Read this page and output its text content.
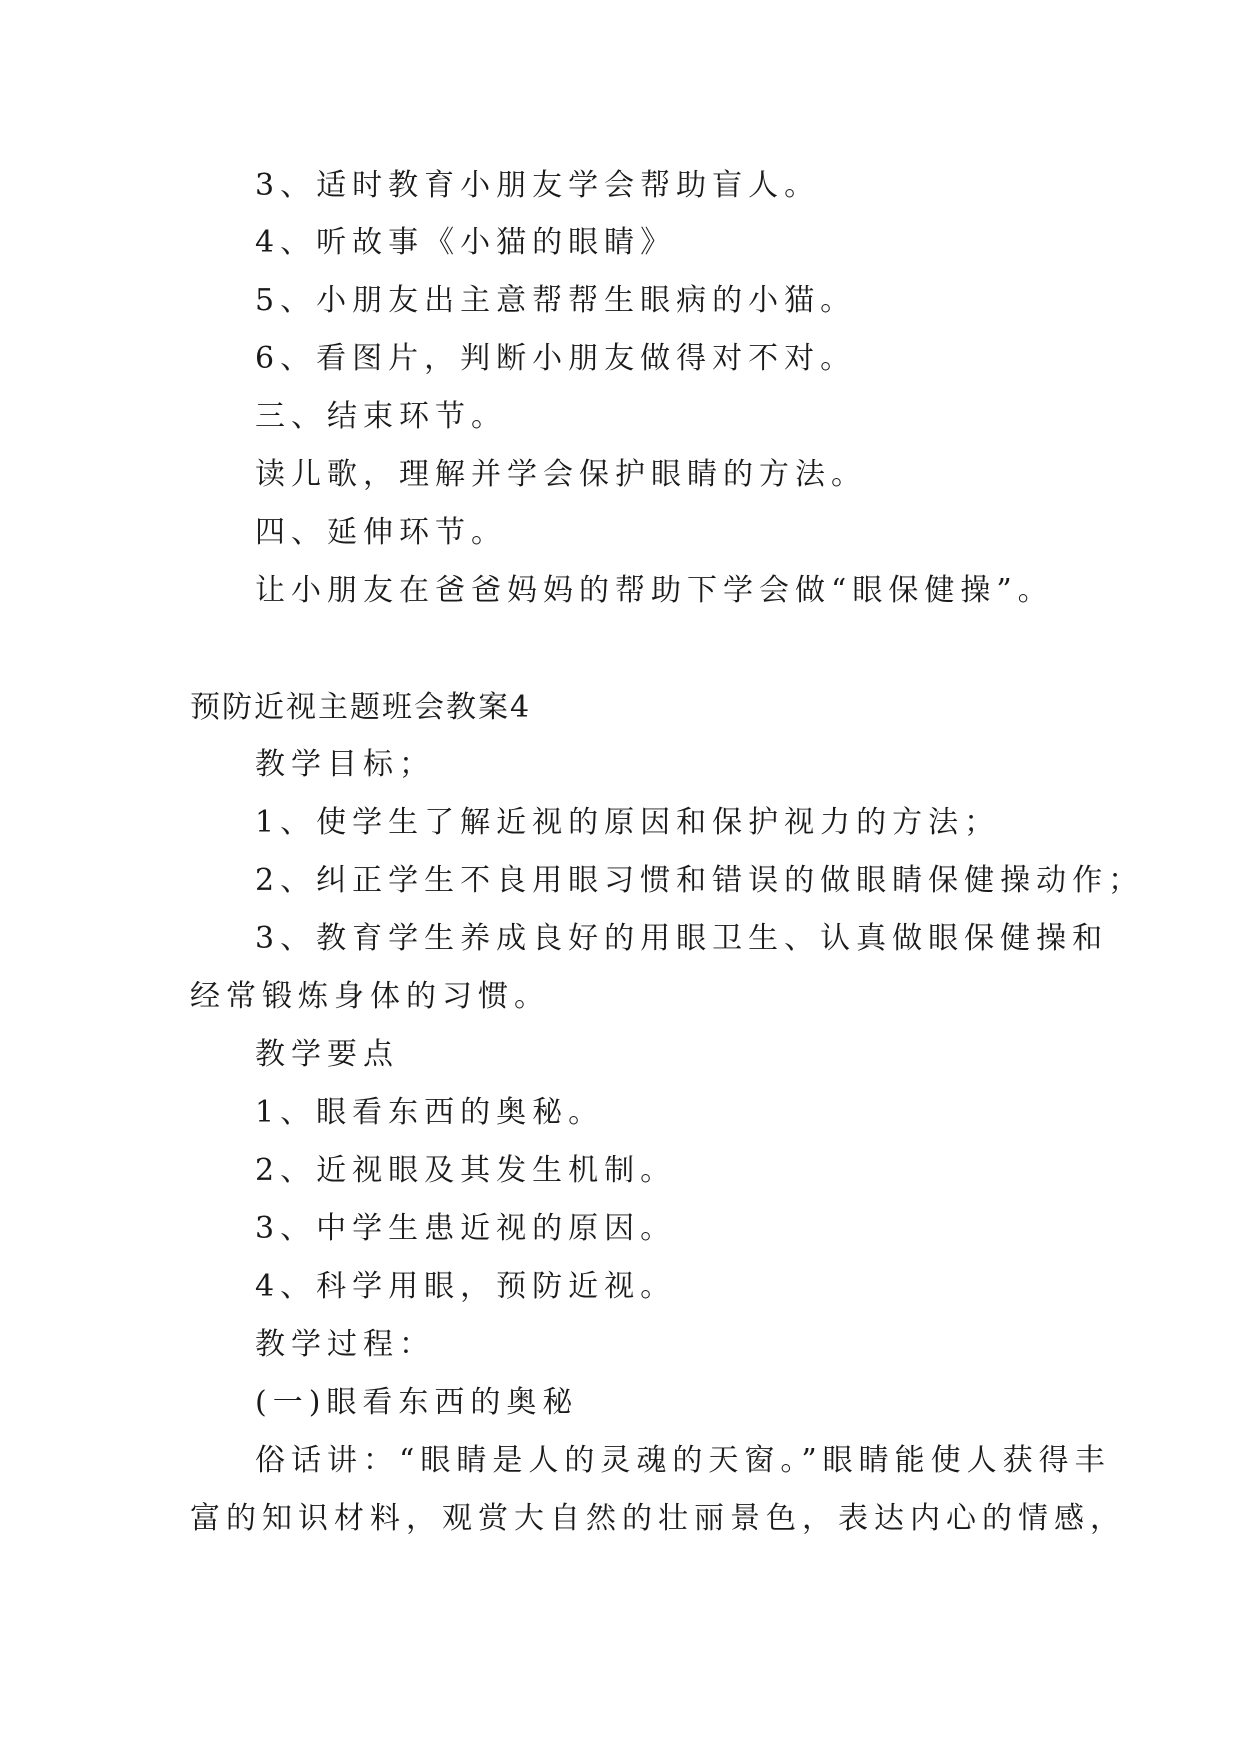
3、适时教育小朋友学会帮助盲人。
4、听故事《小猫的眼睛》
5、小朋友出主意帮帮生眼病的小猫。
6、看图片，判断小朋友做得对不对。
三、结束环节。
读儿歌，理解并学会保护眼睛的方法。
四、延伸环节。
让小朋友在爸爸妈妈的帮助下学会做“眼保健操”。
预防近视主题班会教案4
教学目标；
1、使学生了解近视的原因和保护视力的方法；
2、纠正学生不良用眼习惯和错误的做眼睛保健操动作；
3、教育学生养成良好的用眼卫生、认真做眼保健操和
经常锻炼身体的习惯。
教学要点
1、眼看东西的奥秘。
2、近视眼及其发生机制。
3、中学生患近视的原因。
4、科学用眼，预防近视。
教学过程：
(一)眼看东西的奥秘
俗话讲：“眼睛是人的灵魂的天窗。”眼睛能使人获得丰
富的知识材料，观赏大自然的壮丽景色，表达内心的情感，
